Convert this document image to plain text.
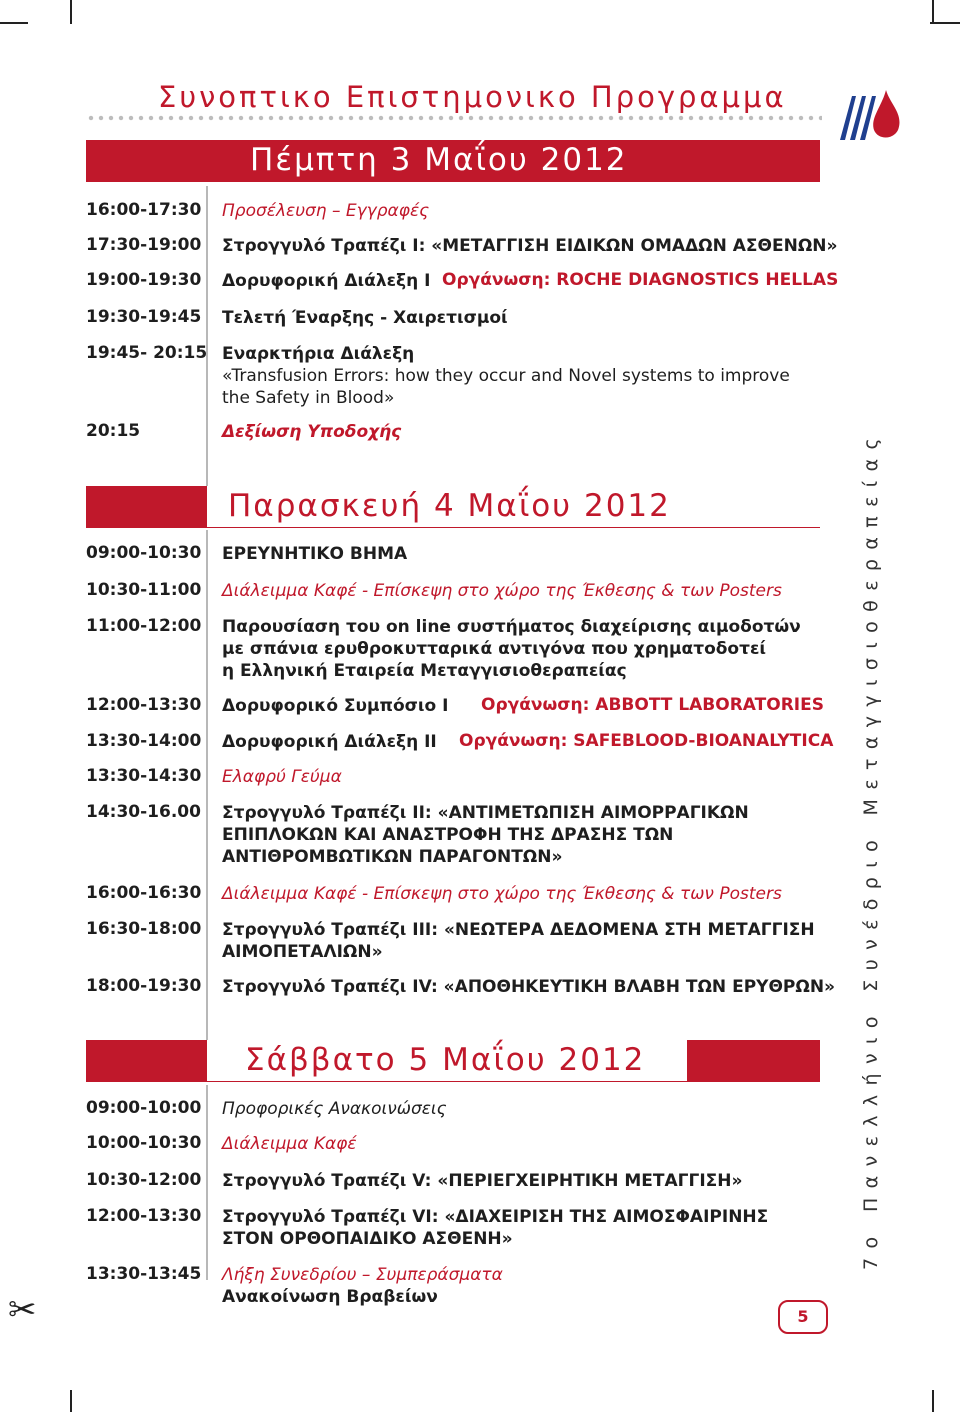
Συνοπτικο Επιστημονικο Προγραμμα
Πέμπτη 3 Μαΐου 2012
16:00-17:30 Προσέλευση – Εγγραφές
17:30-19:00 Στρογγυλό Τραπέζι Ι: «ΜΕΤΑΓΓΙΣΗ ΕΙΔΙΚΩΝ ΟΜΑΔΩΝ ΑΣΘΕΝΩΝ»
19:00-19:30 Δορυφορική Διάλεξη Ι Οργάνωση: ROCHE DIAGNOSTICS HELLAS
19:30-19:45 Τελετή Έναρξης - Χαιρετισμοί
19:45- 20:15 Εναρκτήρια Διάλεξη
«Transfusion Errors: how they occur and Novel systems to improve
the Safety in Blood»
20:15	Δεξίωση Υποδοχής
Παρασκευή 4 Μαΐου 2012
09:00-10:30 ΕΡΕΥΝΗΤΙΚΟ ΒΗΜΑ
10:30-11:00 Διάλειμμα Καφέ - Επίσκεψη στο χώρο της Έκθεσης & των Posters
11:00-12:00 Παρουσίαση του on line συστήματος διαχείρισης αιμοδοτών
με σπάνια ερυθροκυτταρικά αντιγόνα που χρηματοδοτεί
η Ελληνική Εταιρεία Μεταγγισιοθεραπείας
12:00-13:30 Δορυφορικό Συμπόσιο Ι	Οργάνωση: ABBOTT LABORATORIES
13:30-14:00 Δορυφορική Διάλεξη ΙΙ	Οργάνωση: SAFEBLOOD-BIOANALYTICA
13:30-14:30 Ελαφρύ Γεύμα
14:30-16.00 Στρογγυλό Τραπέζι ΙΙ: «ΑΝΤΙΜΕΤΩΠΙΣΗ ΑΙΜΟΡΡΑΓΙΚΩΝ
ΕΠΙΠΛΟΚΩΝ ΚΑΙ ΑΝΑΣΤΡΟΦΗ ΤΗΣ ΔΡΑΣΗΣ ΤΩΝ
ΑΝΤΙΘΡΟΜΒΩΤΙΚΩΝ ΠΑΡΑΓΟΝΤΩΝ»
16:00-16:30 Διάλειμμα Καφέ - Επίσκεψη στο χώρο της Έκθεσης & των Posters
16:30-18:00 Στρογγυλό Τραπέζι ΙΙΙ: «ΝΕΩΤΕΡΑ ΔΕΔΟΜΕΝΑ ΣΤΗ ΜΕΤΑΓΓΙΣΗ
ΑΙΜΟΠΕΤΑΛΙΩΝ»
18:00-19:30 Στρογγυλό Τραπέζι IV: «ΑΠΟΘΗΚΕΥΤΙΚΗ ΒΛΑΒΗ ΤΩΝ ΕΡΥΘΡΩΝ»
Σάββατο 5 Μαΐου 2012
09:00-10:00 Προφορικές Ανακοινώσεις
10:00-10:30 Διάλειμμα Καφέ
10:30-12:00 Στρογγυλό Τραπέζι V: «ΠΕΡΙΕΓΧΕΙΡΗΤΙΚΗ ΜΕΤΑΓΓΙΣΗ»
12:00-13:30 Στρογγυλό Τραπέζι VI: «ΔΙΑΧΕΙΡΙΣΗ ΤΗΣ ΑΙΜΟΣΦΑΙΡΙΝΗΣ
ΣΤΟΝ ΟΡΘΟΠΑΙΔΙΚΟ ΑΣΘΕΝΗ»
13:30-13:45 Λήξη Συνεδρίου – Συμπεράσματα
Ανακοίνωση Βραβείων
7ο Πανελλήνιο Συνέδριο Μεταγγισιοθεραπείας
5
✂
